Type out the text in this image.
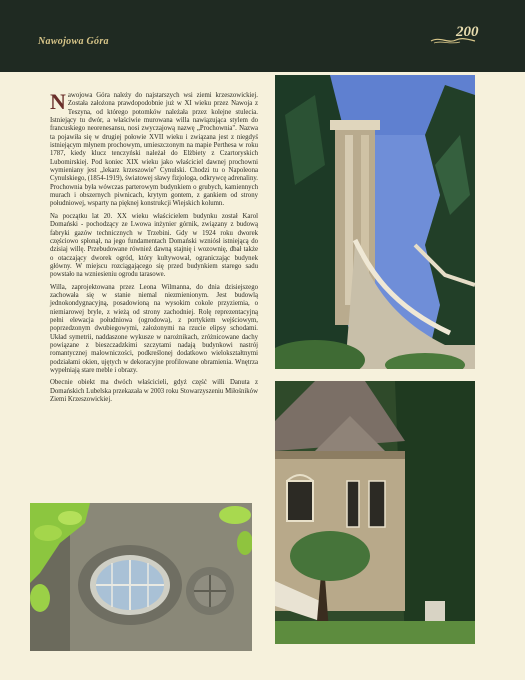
Nawojowa Góra
200

Nawojowa Góra należy do najstarszych wsi ziemi krzeszowickiej. Została założona prawdopodobnie już w XI wieku przez Nawoja z Teszyna, od którego potomków należała przez kolejne stulecia. Istniejący tu dwór, a właściwie murowana willa nawiązująca stylem do francuskiego neorenesansu, nosi zwyczajową nazwę „Prochownia". Nazwa ta pojawiła się w drugiej połowie XVII wieku i związana jest z niegdyś istniejącym młynem prochowym, umieszczonym na mapie Perthesa w roku 1787, kiedy klucz tenczyński należał do Elżbiety z Czartoryskich Lubomirskiej. Pod koniec XIX wieku jako właściciel dawnej prochowni wymieniany jest „lekarz krzeszowie" Cynulski. Chodzi tu o Napoleona Cynulskiego, (1854-1919), światowej sławy fizjologa, odkrywcę adrenaliny. Prochownia była wówczas parterowym budynkiem o grubych, kamiennych murach i obszernych piwnicach, krytym gontem, z gankiem od strony południowej, wsparty na pięknej konstrukcji Wiejskich kolumn.

Na początku lat 20. XX wieku właścicielem budynku został Karol Domański - pochodzący ze Lwowa inżynier górnik, związany z budową fabryki gazów technicznych w Trzebini. Gdy w 1924 roku dworek częściowo spłonął, na jego fundamentach Domański wzniósł istniejącą do dzisiaj willę. Przebudowane również dawną stajnię i wozownię, dbał także o otaczający dworek ogród, który kultywował, ograniczając budynek główny. W miejscu rozciągającego się przed budynkiem starego sadu powstało na wzniesieniu ogrodu tarasowe.

Willa, zaprojektowana przez Leona Wilmanna, do dnia dzisiejszego zachowała się w stanie niemal niezmienionym. Jest budowlą jednokondygnacyjną, posadowioną na wysokim cokole przyziemia, o niemiarowej bryle, z wieżą od strony zachodniej. Rolę reprezentacyjną pełni elewacja południowa (ogrodowa), z portykiem wejściowym, poprzedzonym dwubiegowymi, założonymi na rzucie elipsy schodami. Układ symetrii, naddaszone wykusze w narożnikach, zróżnicowane dachy powiązane z bieszczadzkimi szczytami nadają budynkowi nastrój romantycznej malowniczości, podkreślonej dodatkowo wielokształtnymi podziałami okien, ujętych w dekoracyjne profilowane obramienia. Wnętrza wypełniają stare meble i obrazy.

Obecnie obiekt ma dwóch właścicieli, gdyż część willi Danuta z Domańskich Lubelska przekazała w 2003 roku Stowarzyszeniu Miłośników Ziemi Krzeszowickiej.
